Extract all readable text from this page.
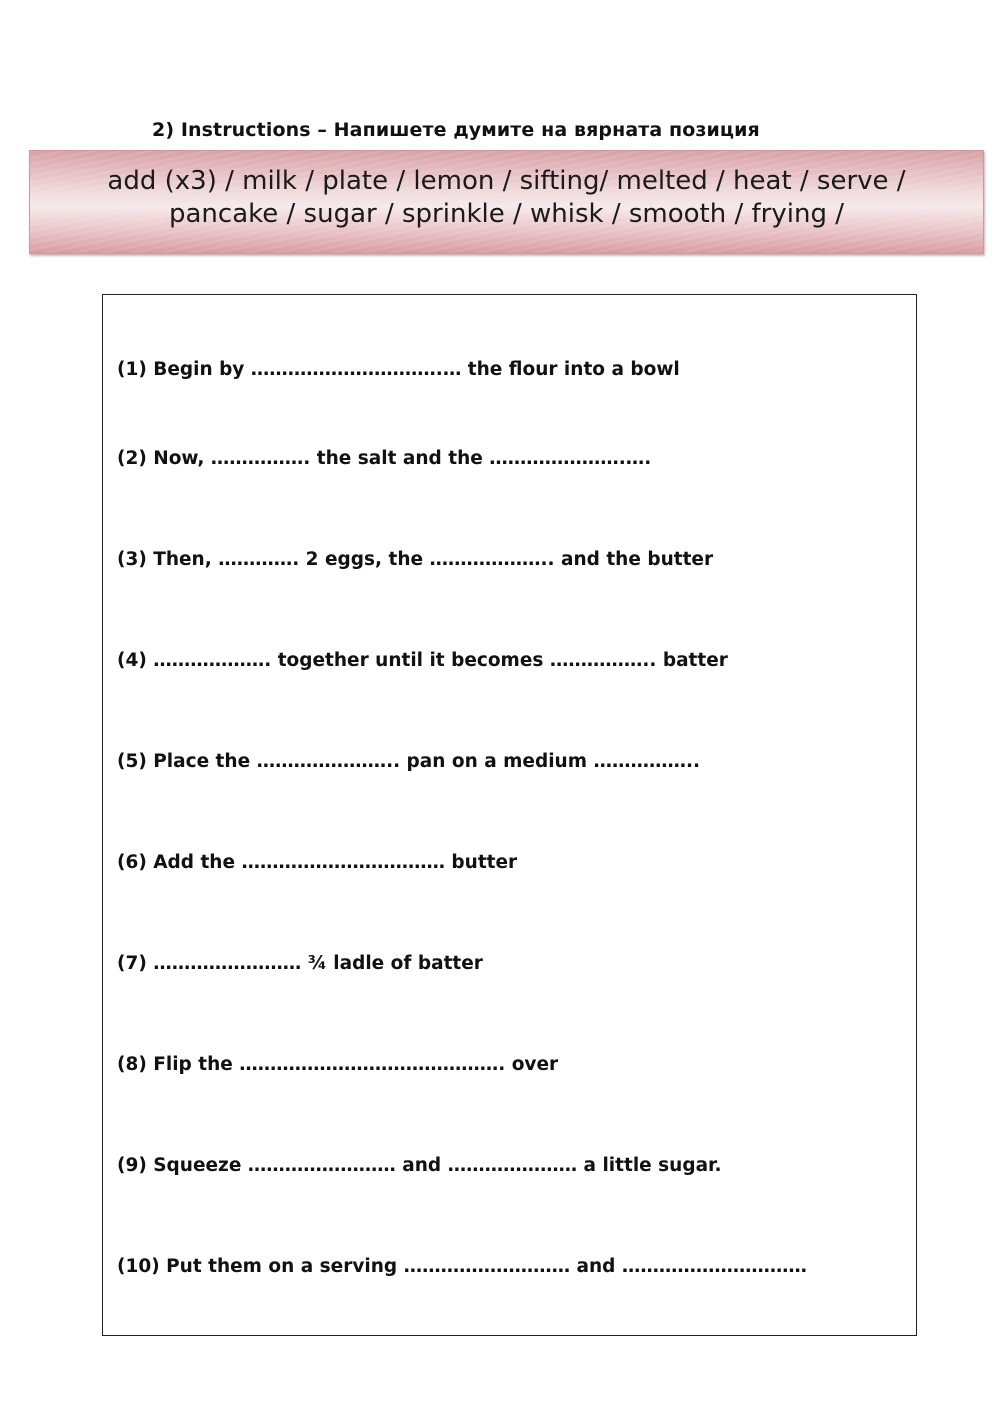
2) Instructions – Напишете думите на вярната позиция
add (x3) / milk / plate / lemon / sifting/ melted / heat / serve /
pancake / sugar / sprinkle / whisk / smooth / frying /
(1) Begin by ………………………….… the flour into a bowl
(2) Now, ……………. the salt and the ………………….….
(3) Then, …………. 2 eggs, the ……………….. and the butter
(4) ………………. together until it becomes …………….. batter
(5) Place the ………………….. pan on a medium ……………..
(6) Add the …………………………… butter
(7) …………………… ¾ ladle of batter
(8) Flip the ……………………………………. over
(9) Squeeze …………………… and ………………… a little sugar.
(10) Put them on a serving ……………………… and …………………………
